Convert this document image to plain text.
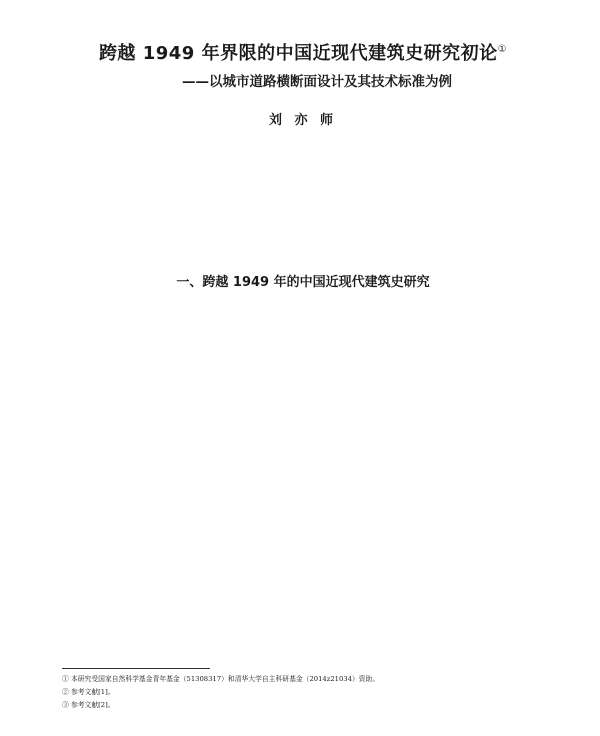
跨越 1949 年界限的中国近现代建筑史研究初论①
——以城市道路横断面设计及其技术标准为例
刘 亦 师
一、跨越 1949 年的中国近现代建筑史研究

① 本研究受国家自然科学基金青年基金（51308317）和清华大学自主科研基金（2014z21034）资助。
② 参考文献[1]。
③ 参考文献[2]。
